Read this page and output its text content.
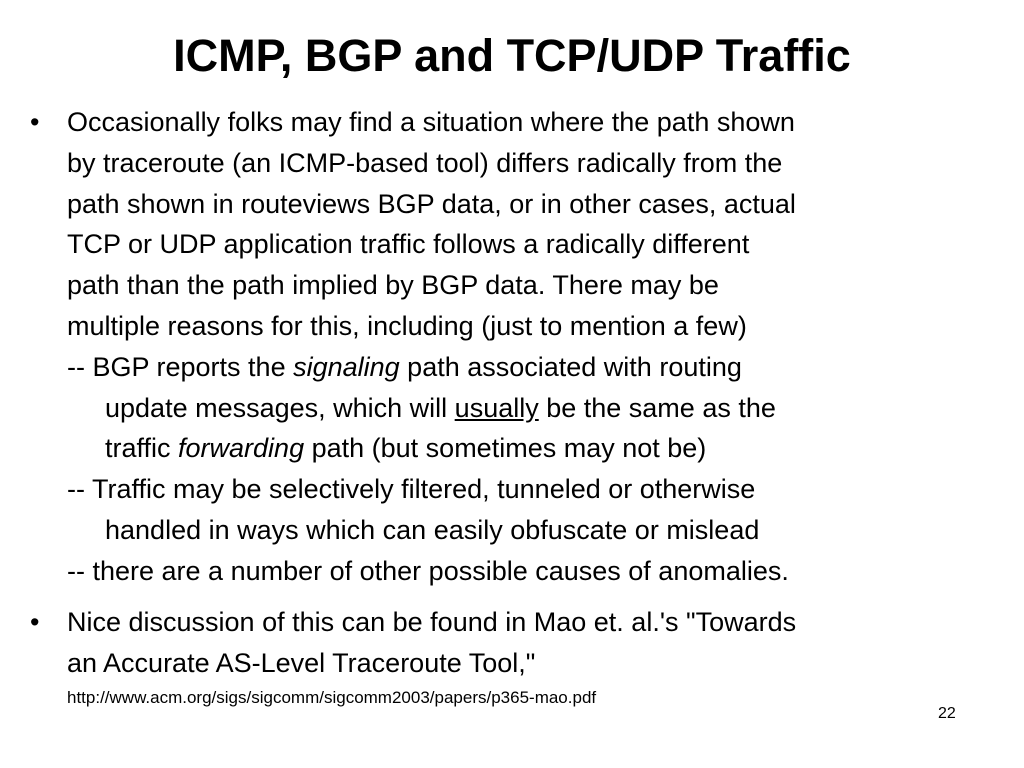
ICMP, BGP and TCP/UDP Traffic
• Occasionally folks may find a situation where the path shown
by traceroute (an ICMP-based tool) differs radically from the
path shown in routeviews BGP data, or in other cases, actual
TCP or UDP application traffic follows a radically different
path than the path implied by BGP data. There may be
multiple reasons for this, including (just to mention a few)
-- BGP reports the signaling path associated with routing
update messages, which will usually be the same as the
traffic forwarding path (but sometimes may not be)
-- Traffic may be selectively filtered, tunneled or otherwise
handled in ways which can easily obfuscate or mislead
-- there are a number of other possible causes of anomalies.
• Nice discussion of this can be found in Mao et. al.'s "Towards
an Accurate AS-Level Traceroute Tool,"
http://www.acm.org/sigs/sigcomm/sigcomm2003/papers/p365-mao.pdf
22
